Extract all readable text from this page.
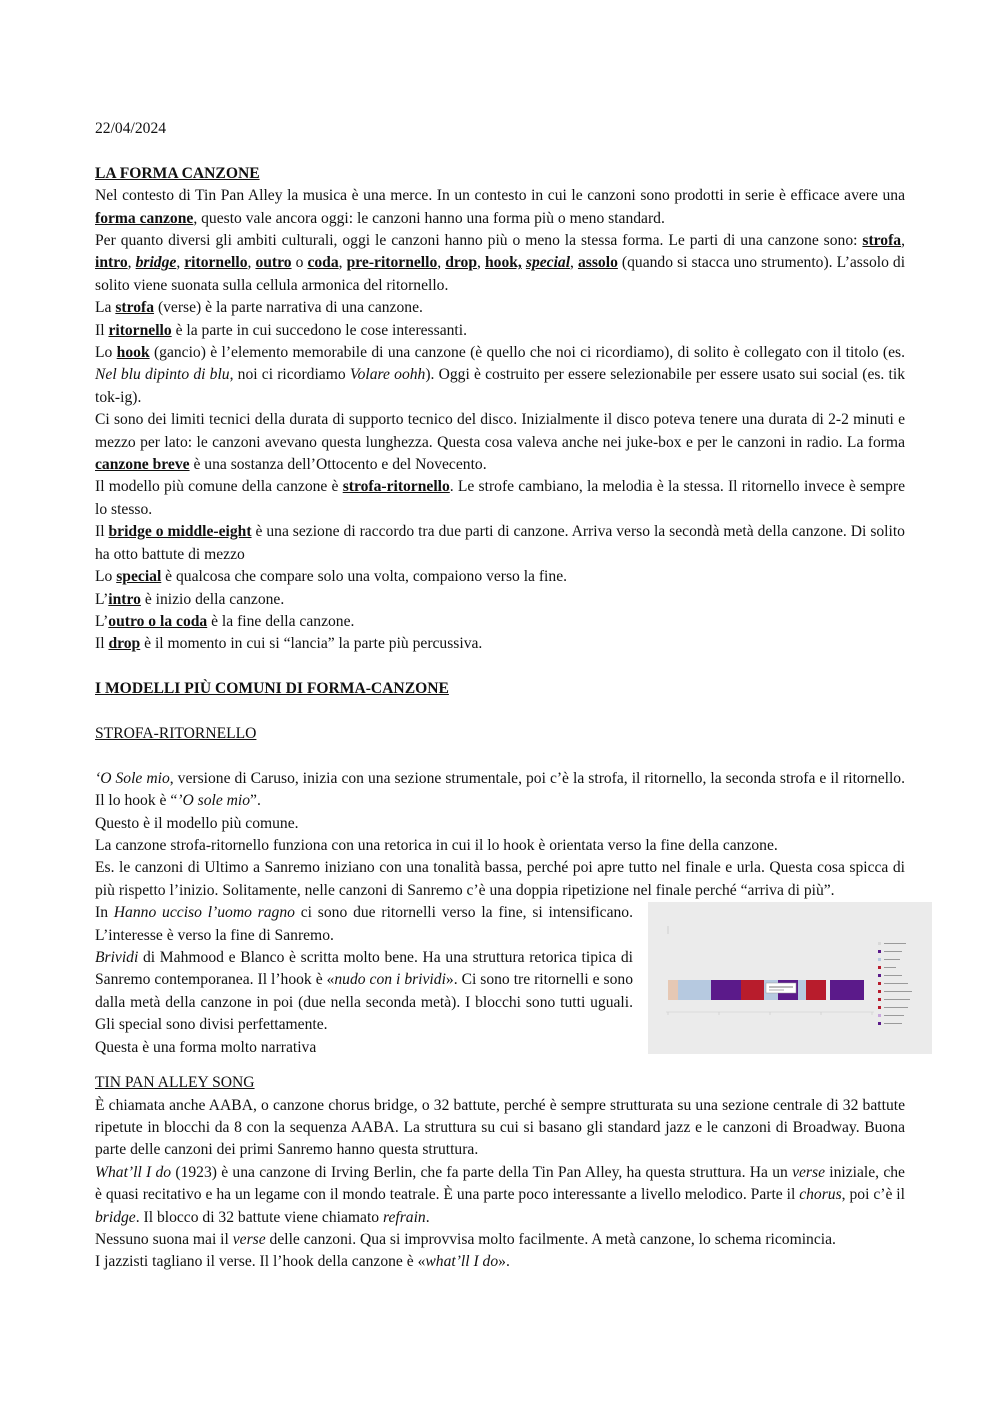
22/04/2024

LA FORMA CANZONE

Nel contesto di Tin Pan Alley la musica è una merce. In un contesto in cui le canzoni sono prodotti in serie è efficace avere una forma canzone, questo vale ancora oggi: le canzoni hanno una forma più o meno standard.

Per quanto diversi gli ambiti culturali, oggi le canzoni hanno più o meno la stessa forma. Le parti di una canzone sono: strofa, intro, bridge, ritornello, outro o coda, pre-ritornello, drop, hook, special, assolo (quando si stacca uno strumento). L’assolo di solito viene suonata sulla cellula armonica del ritornello.

La strofa (verse) è la parte narrativa di una canzone.

Il ritornello è la parte in cui succedono le cose interessanti.

Lo hook (gancio) è l’elemento memorabile di una canzone (è quello che noi ci ricordiamo), di solito è collegato con il titolo (es. Nel blu dipinto di blu, noi ci ricordiamo Volare oohh). Oggi è costruito per essere selezionabile per essere usato sui social (es. tik tok-ig).

Ci sono dei limiti tecnici della durata di supporto tecnico del disco. Inizialmente il disco poteva tenere una durata di 2-2 minuti e mezzo per lato: le canzoni avevano questa lunghezza. Questa cosa valeva anche nei juke-box e per le canzoni in radio. La forma canzone breve è una sostanza dell’Ottocento e del Novecento.

Il modello più comune della canzone è strofa-ritornello. Le strofe cambiano, la melodia è la stessa. Il ritornello invece è sempre lo stesso.

Il bridge o middle-eight è una sezione di raccordo tra due parti di canzone. Arriva verso la secondà metà della canzone. Di solito ha otto battute di mezzo

Lo special è qualcosa che compare solo una volta, compaiono verso la fine.

L’intro è inizio della canzone.

L’outro o la coda è la fine della canzone.

Il drop è il momento in cui si “lancia” la parte più percussiva.

I MODELLI PIÙ COMUNI DI FORMA-CANZONE

STROFA-RITORNELLO

‘O Sole mio, versione di Caruso, inizia con una sezione strumentale, poi c’è la strofa, il ritornello, la seconda strofa e il ritornello. Il lo hook è “’O sole mio”.

Questo è il modello più comune.

La canzone strofa-ritornello funziona con una retorica in cui il lo hook è orientata verso la fine della canzone.

Es. le canzoni di Ultimo a Sanremo iniziano con una tonalità bassa, perché poi apre tutto nel finale e urla. Questa cosa spicca di più rispetto l’inizio. Solitamente, nelle canzoni di Sanremo c’è una doppia ripetizione nel finale perché “arriva di più”.

In Hanno ucciso l’uomo ragno ci sono due ritornelli verso la fine, si intensificano. L’interesse è verso la fine di Sanremo.

Brividi di Mahmood e Blanco è scritta molto bene. Ha una struttura retorica tipica di Sanremo contemporanea. Il l’hook è «nudo con i brividi». Ci sono tre ritornelli e sono dalla metà della canzone in poi (due nella seconda metà). I blocchi sono tutti uguali. Gli special sono divisi perfettamente.

Questa è una forma molto narrativa

TIN PAN ALLEY SONG

È chiamata anche AABA, o canzone chorus bridge, o 32 battute, perché è sempre strutturata su una sezione centrale di 32 battute ripetute in blocchi da 8 con la sequenza AABA. La struttura su cui si basano gli standard jazz e le canzoni di Broadway. Buona parte delle canzoni dei primi Sanremo hanno questa struttura.

What’ll I do (1923) è una canzone di Irving Berlin, che fa parte della Tin Pan Alley, ha questa struttura. Ha un verse iniziale, che è quasi recitativo e ha un legame con il mondo teatrale. È una parte poco interessante a livello melodico. Parte il chorus, poi c’è il bridge. Il blocco di 32 battute viene chiamato refrain.

Nessuno suona mai il verse delle canzoni. Qua si improvvisa molto facilmente. A metà canzone, lo schema ricomincia.

I jazzisti tagliano il verse. Il l’hook della canzone è «what’ll I do».
